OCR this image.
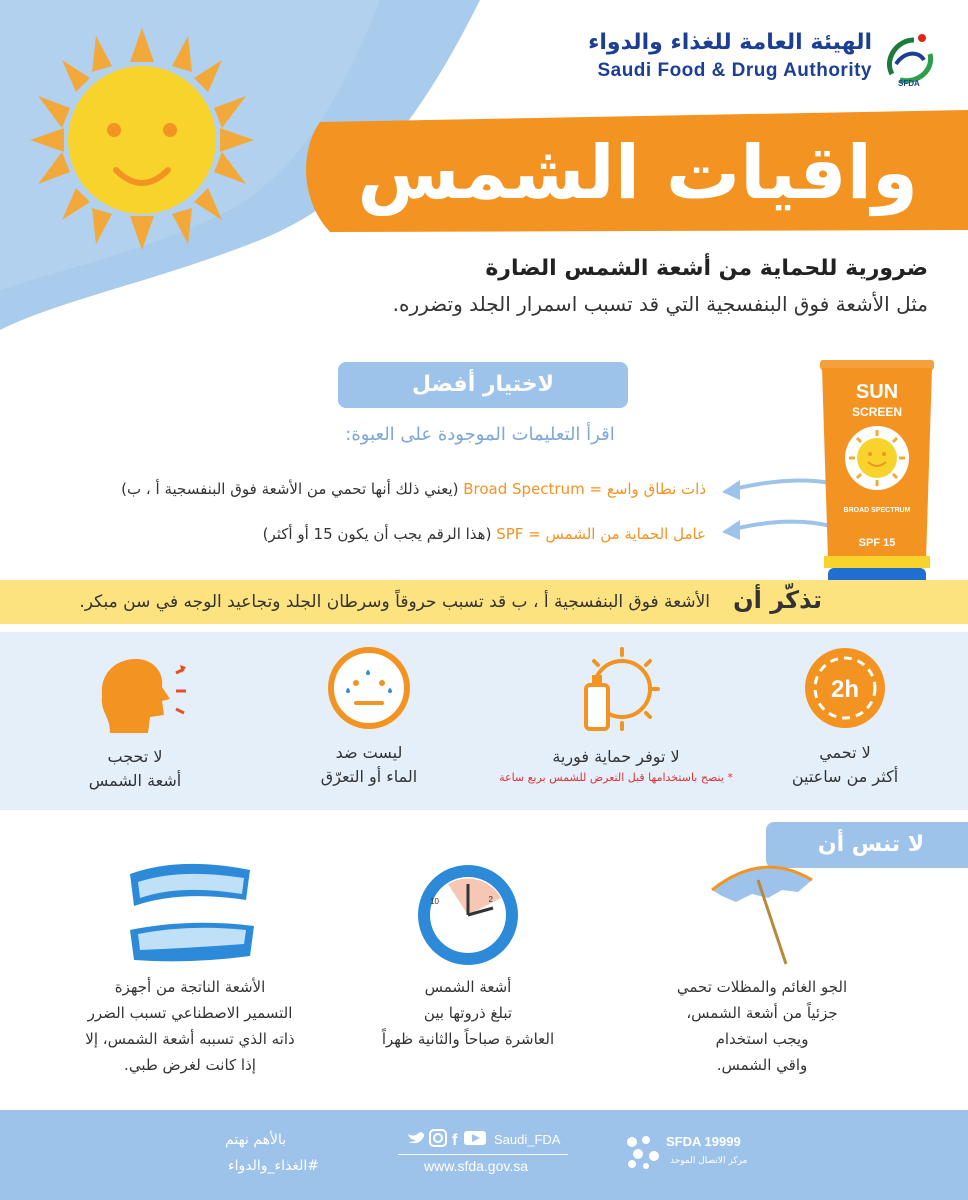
الهيئة العامة للغذاء والدواء
Saudi Food & Drug Authority
SFDA
واقيات الشمس
ضرورية للحماية من أشعة الشمس الضارة
مثل الأشعة فوق البنفسجية التي قد تسبب اسمرار الجلد وتضرره.
لاختيار أفضل
اقرأ التعليمات الموجودة على العبوة:
ذات نطاق واسع = Broad Spectrum (يعني ذلك أنها تحمي من الأشعة فوق البنفسجية أ ، ب)
عامل الحماية من الشمس = SPF (هذا الرقم يجب أن يكون 15 أو أكثر)
SUN
SCREEN
BROAD SPECTRUM
SPF 15
تذكّر أن
الأشعة فوق البنفسجية أ ، ب قد تسبب حروقاً وسرطان الجلد وتجاعيد الوجه في سن مبكر.
2h
لا تحمي
أكثر من ساعتين
لا توفر حماية فورية
* ينصح باستخدامها قبل التعرض للشمس بربع ساعة
ليست ضد
الماء أو التعرّق
لا تحجب
أشعة الشمس
لا تنس أن
الجو الغائم والمظلات تحمي
جزئياً من أشعة الشمس،
ويجب استخدام
واقي الشمس.
10	2
أشعة الشمس
تبلغ ذروتها بين
العاشرة صباحاً والثانية ظهراً
الأشعة الناتجة من أجهزة
التسمير الاصطناعي تسبب الضرر
ذاته الذي تسببه أشعة الشمس، إلا
إذا كانت لغرض طبي.
بالأهم نهتم
#الغذاء_والدواء
f	Saudi_FDA
www.sfda.gov.sa
SFDA 19999
مركز الاتصال الموحد
